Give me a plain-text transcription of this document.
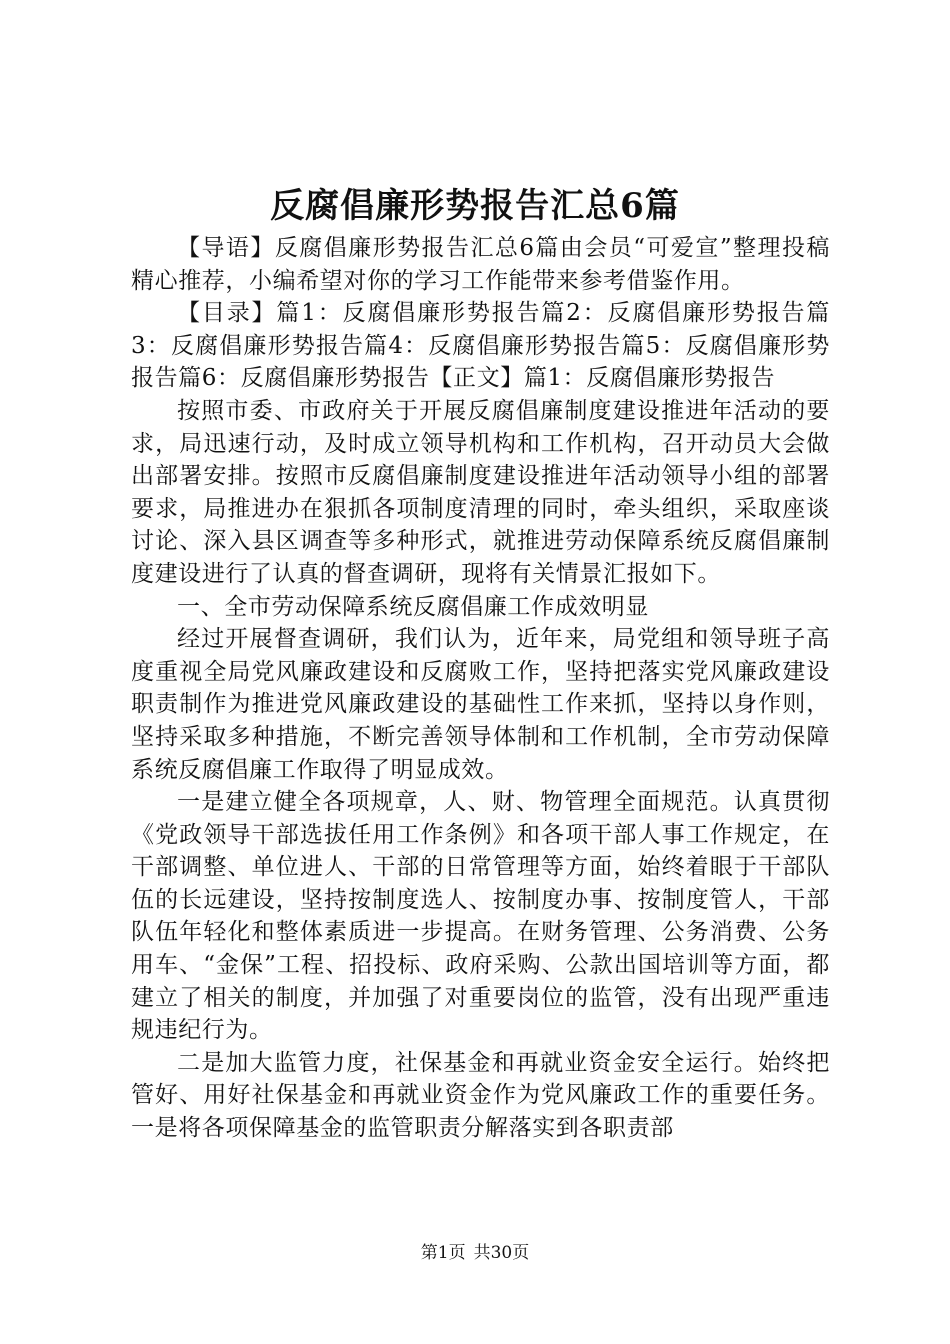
反腐倡廉形势报告汇总6篇

【导语】反腐倡廉形势报告汇总6篇由会员“可爱宣”整理投稿精心推荐，小编希望对你的学习工作能带来参考借鉴作用。

【目录】篇1：反腐倡廉形势报告篇2：反腐倡廉形势报告篇3：反腐倡廉形势报告篇4：反腐倡廉形势报告篇5：反腐倡廉形势报告篇6：反腐倡廉形势报告【正文】篇1：反腐倡廉形势报告

按照市委、市政府关于开展反腐倡廉制度建设推进年活动的要求，局迅速行动，及时成立领导机构和工作机构，召开动员大会做出部署安排。按照市反腐倡廉制度建设推进年活动领导小组的部署要求，局推进办在狠抓各项制度清理的同时，牵头组织，采取座谈讨论、深入县区调查等多种形式，就推进劳动保障系统反腐倡廉制度建设进行了认真的督查调研，现将有关情景汇报如下。

一、全市劳动保障系统反腐倡廉工作成效明显

经过开展督查调研，我们认为，近年来，局党组和领导班子高度重视全局党风廉政建设和反腐败工作，坚持把落实党风廉政建设职责制作为推进党风廉政建设的基础性工作来抓，坚持以身作则，坚持采取多种措施，不断完善领导体制和工作机制，全市劳动保障系统反腐倡廉工作取得了明显成效。

一是建立健全各项规章，人、财、物管理全面规范。认真贯彻《党政领导干部选拔任用工作条例》和各项干部人事工作规定，在干部调整、单位进人、干部的日常管理等方面，始终着眼于干部队伍的长远建设，坚持按制度选人、按制度办事、按制度管人，干部队伍年轻化和整体素质进一步提高。在财务管理、公务消费、公务用车、“金保”工程、招投标、政府采购、公款出国培训等方面，都建立了相关的制度，并加强了对重要岗位的监管，没有出现严重违规违纪行为。

二是加大监管力度，社保基金和再就业资金安全运行。始终把管好、用好社保基金和再就业资金作为党风廉政工作的重要任务。一是将各项保障基金的监管职责分解落实到各职责部

第1页 共30页
